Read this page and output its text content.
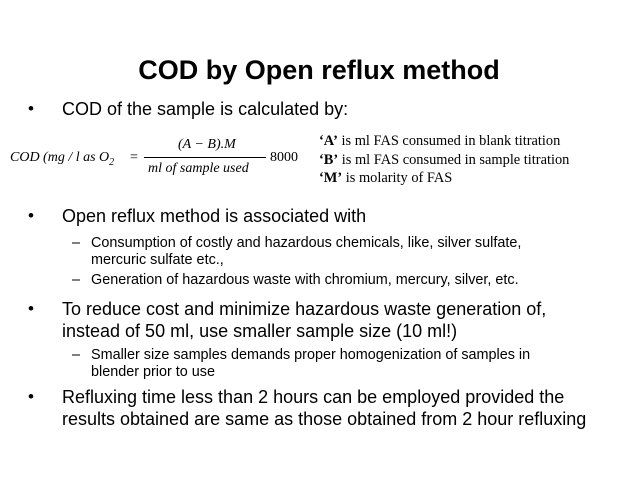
COD by Open reflux method
• COD of the sample is calculated by:
COD (mg / l as $O_2$ =
(A − B).M
ml of sample used
8000
‘A’ is ml FAS consumed in blank titration
‘B’ is ml FAS consumed in sample titration
‘M’ is molarity of FAS
• Open reflux method is associated with
– Consumption of costly and hazardous chemicals, like, silver sulfate,
mercuric sulfate etc.,
– Generation of hazardous waste with chromium, mercury, silver, etc.
• To reduce cost and minimize hazardous waste generation of,
instead of 50 ml, use smaller sample size (10 ml!)
– Smaller size samples demands proper homogenization of samples in
blender prior to use
• Refluxing time less than 2 hours can be employed provided the
results obtained are same as those obtained from 2 hour refluxing
